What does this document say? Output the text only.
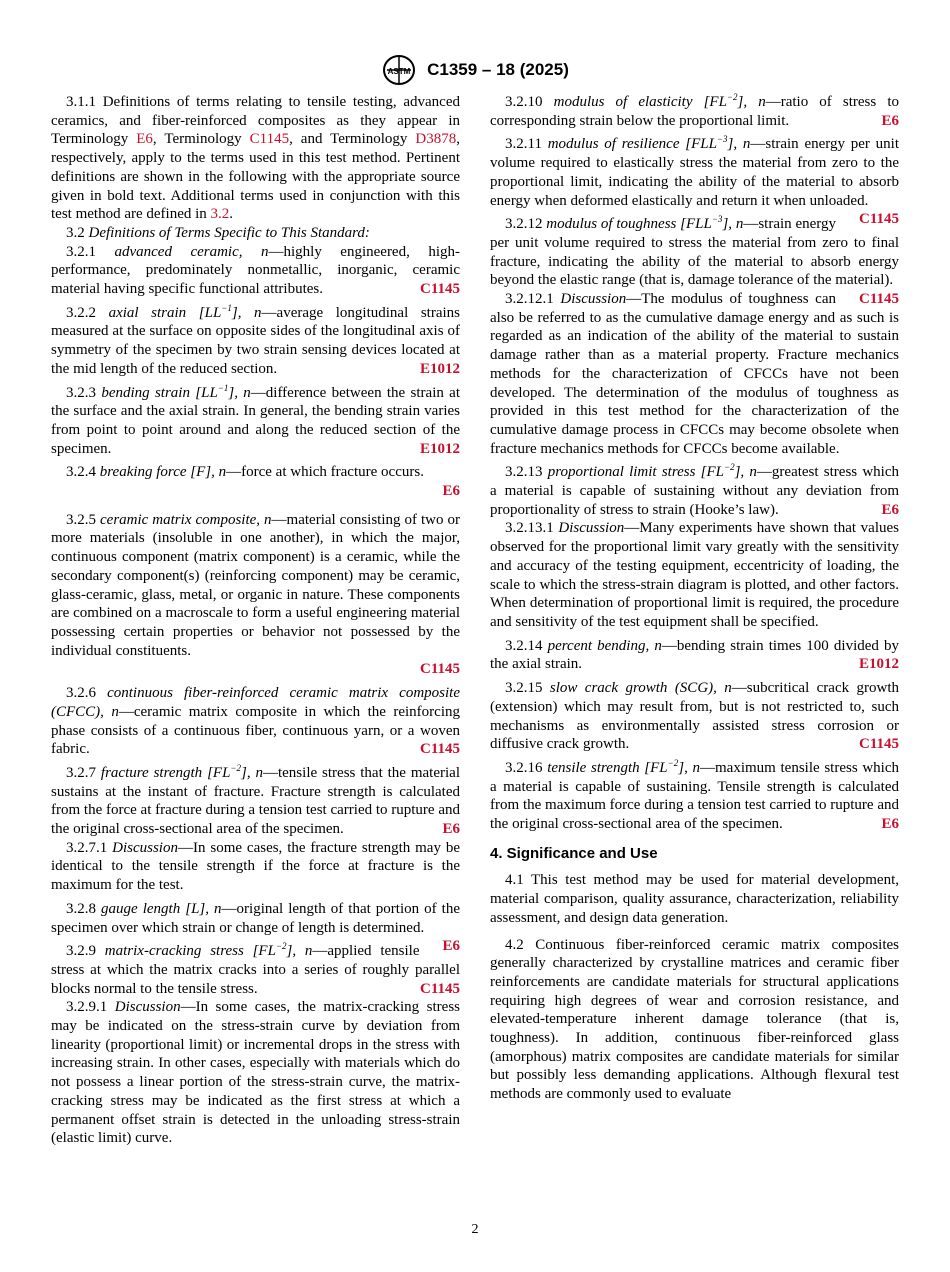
ASTM C1359 – 18 (2025)

3.1.1 Definitions of terms relating to tensile testing, advanced ceramics, and fiber-reinforced composites as they appear in Terminology E6, Terminology C1145, and Terminology D3878, respectively, apply to the terms used in this test method. Pertinent definitions are shown in the following with the appropriate source given in bold text. Additional terms used in conjunction with this test method are defined in 3.2.

3.2 Definitions of Terms Specific to This Standard:

3.2.1 advanced ceramic, n—highly engineered, high-performance, predominately nonmetallic, inorganic, ceramic material having specific functional attributes.	C1145

3.2.2 axial strain $[LL^{-1}]$, n—average longitudinal strains measured at the surface on opposite sides of the longitudinal axis of symmetry of the specimen by two strain sensing devices located at the mid length of the reduced section.	E1012

3.2.3 bending strain $[LL^{-1}]$, n—difference between the strain at the surface and the axial strain. In general, the bending strain varies from point to point around and along the reduced section of the specimen.	E1012

3.2.4 breaking force [F], n—force at which fracture occurs.
E6

3.2.5 ceramic matrix composite, n—material consisting of two or more materials (insoluble in one another), in which the major, continuous component (matrix component) is a ceramic, while the secondary component(s) (reinforcing component) may be ceramic, glass-ceramic, glass, metal, or organic in nature. These components are combined on a macroscale to form a useful engineering material possessing certain properties or behavior not possessed by the individual constituents.
C1145

3.2.6 continuous fiber-reinforced ceramic matrix composite (CFCC), n—ceramic matrix composite in which the reinforcing phase consists of a continuous fiber, continuous yarn, or a woven fabric.	C1145

3.2.7 fracture strength $[FL^{-2}]$, n—tensile stress that the material sustains at the instant of fracture. Fracture strength is calculated from the force at fracture during a tension test carried to rupture and the original cross-sectional area of the specimen.	E6

3.2.7.1 Discussion—In some cases, the fracture strength may be identical to the tensile strength if the force at fracture is the maximum for the test.

3.2.8 gauge length [L], n—original length of that portion of the specimen over which strain or change of length is determined.
E6

3.2.9 matrix-cracking stress $[FL^{-2}]$, n—applied tensile stress at which the matrix cracks into a series of roughly parallel blocks normal to the tensile stress.	C1145

3.2.9.1 Discussion—In some cases, the matrix-cracking stress may be indicated on the stress-strain curve by deviation from linearity (proportional limit) or incremental drops in the stress with increasing strain. In other cases, especially with materials which do not possess a linear portion of the stress-strain curve, the matrix-cracking stress may be indicated as the first stress at which a permanent offset strain is detected in the unloading stress-strain (elastic limit) curve.

3.2.10 modulus of elasticity $[FL^{-2}]$, n—ratio of stress to corresponding strain below the proportional limit.	E6

3.2.11 modulus of resilience $[FLL^{-3}]$, n—strain energy per unit volume required to elastically stress the material from zero to the proportional limit, indicating the ability of the material to absorb energy when deformed elastically and return it when unloaded.
C1145

3.2.12 modulus of toughness $[FLL^{-3}]$, n—strain energy per unit volume required to stress the material from zero to final fracture, indicating the ability of the material to absorb energy beyond the elastic range (that is, damage tolerance of the material).
C1145

3.2.12.1 Discussion—The modulus of toughness can also be referred to as the cumulative damage energy and as such is regarded as an indication of the ability of the material to sustain damage rather than as a material property. Fracture mechanics methods for the characterization of CFCCs have not been developed. The determination of the modulus of toughness as provided in this test method for the characterization of the cumulative damage process in CFCCs may become obsolete when fracture mechanics methods for CFCCs become available.

3.2.13 proportional limit stress $[FL^{-2}]$, n—greatest stress which a material is capable of sustaining without any deviation from proportionality of stress to strain (Hooke’s law).	E6

3.2.13.1 Discussion—Many experiments have shown that values observed for the proportional limit vary greatly with the sensitivity and accuracy of the testing equipment, eccentricity of loading, the scale to which the stress-strain diagram is plotted, and other factors. When determination of proportional limit is required, the procedure and sensitivity of the test equipment shall be specified.

3.2.14 percent bending, n—bending strain times 100 divided by the axial strain.	E1012

3.2.15 slow crack growth (SCG), n—subcritical crack growth (extension) which may result from, but is not restricted to, such mechanisms as environmentally assisted stress corrosion or diffusive crack growth.	C1145

3.2.16 tensile strength $[FL^{-2}]$, n—maximum tensile stress which a material is capable of sustaining. Tensile strength is calculated from the maximum force during a tension test carried to rupture and the original cross-sectional area of the specimen.	E6

4. Significance and Use

4.1 This test method may be used for material development, material comparison, quality assurance, characterization, reliability assessment, and design data generation.

4.2 Continuous fiber-reinforced ceramic matrix composites generally characterized by crystalline matrices and ceramic fiber reinforcements are candidate materials for structural applications requiring high degrees of wear and corrosion resistance, and elevated-temperature inherent damage tolerance (that is, toughness). In addition, continuous fiber-reinforced glass (amorphous) matrix composites are candidate materials for similar but possibly less demanding applications. Although flexural test methods are commonly used to evaluate

2
